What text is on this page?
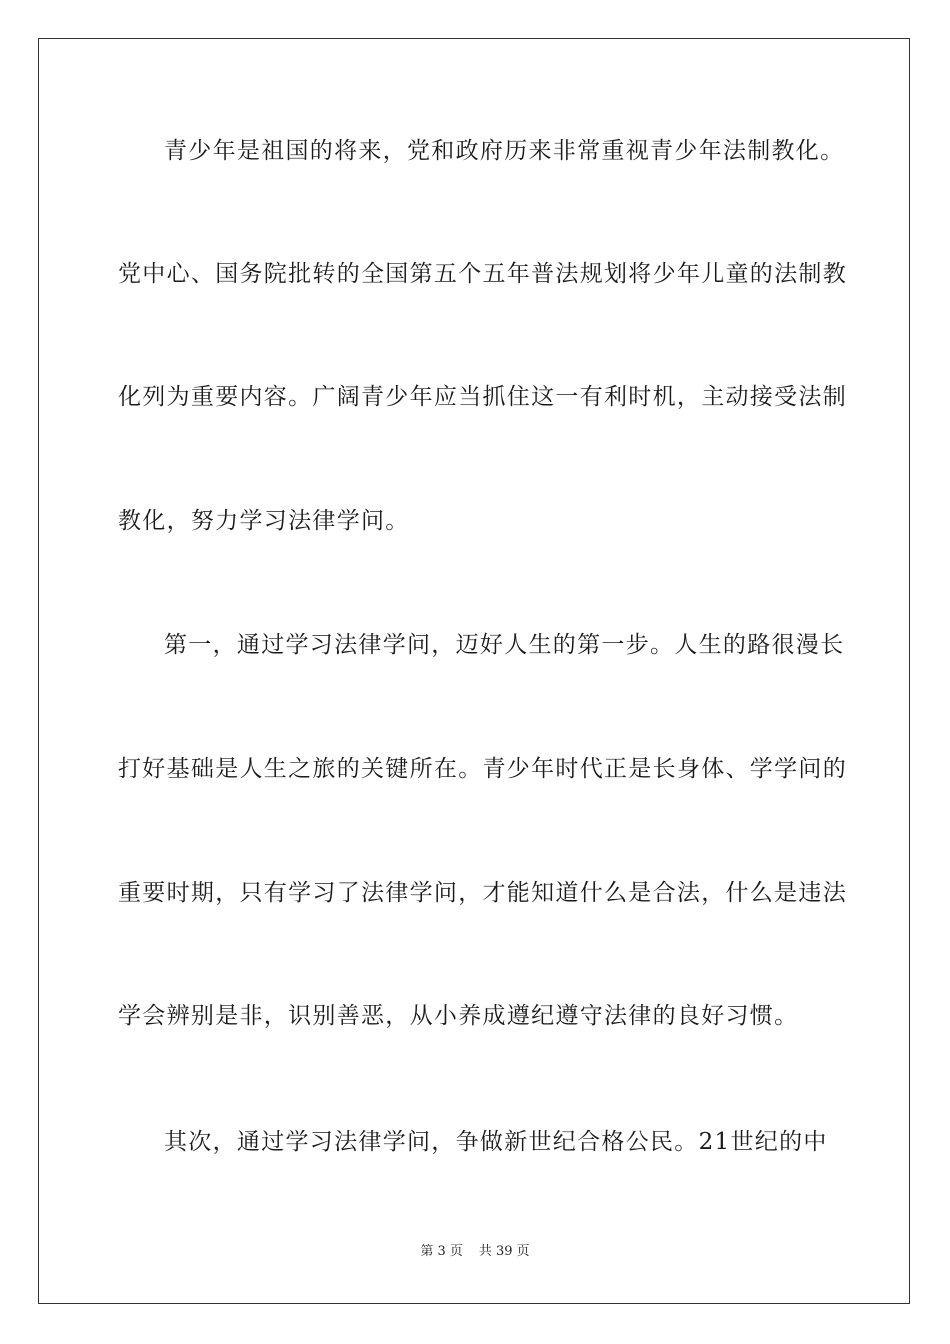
青少年是祖国的将来，党和政府历来非常重视青少年法制教化。
党中心、国务院批转的全国第五个五年普法规划将少年儿童的法制教
化列为重要内容。广阔青少年应当抓住这一有利时机，主动接受法制
教化，努力学习法律学问。
第一，通过学习法律学问，迈好人生的第一步。人生的路很漫长
打好基础是人生之旅的关键所在。青少年时代正是长身体、学学问的
重要时期，只有学习了法律学问，才能知道什么是合法，什么是违法
学会辨别是非，识别善恶，从小养成遵纪遵守法律的良好习惯。
其次，通过学习法律学问，争做新世纪合格公民。21世纪的中
第 3 页 共 39 页
